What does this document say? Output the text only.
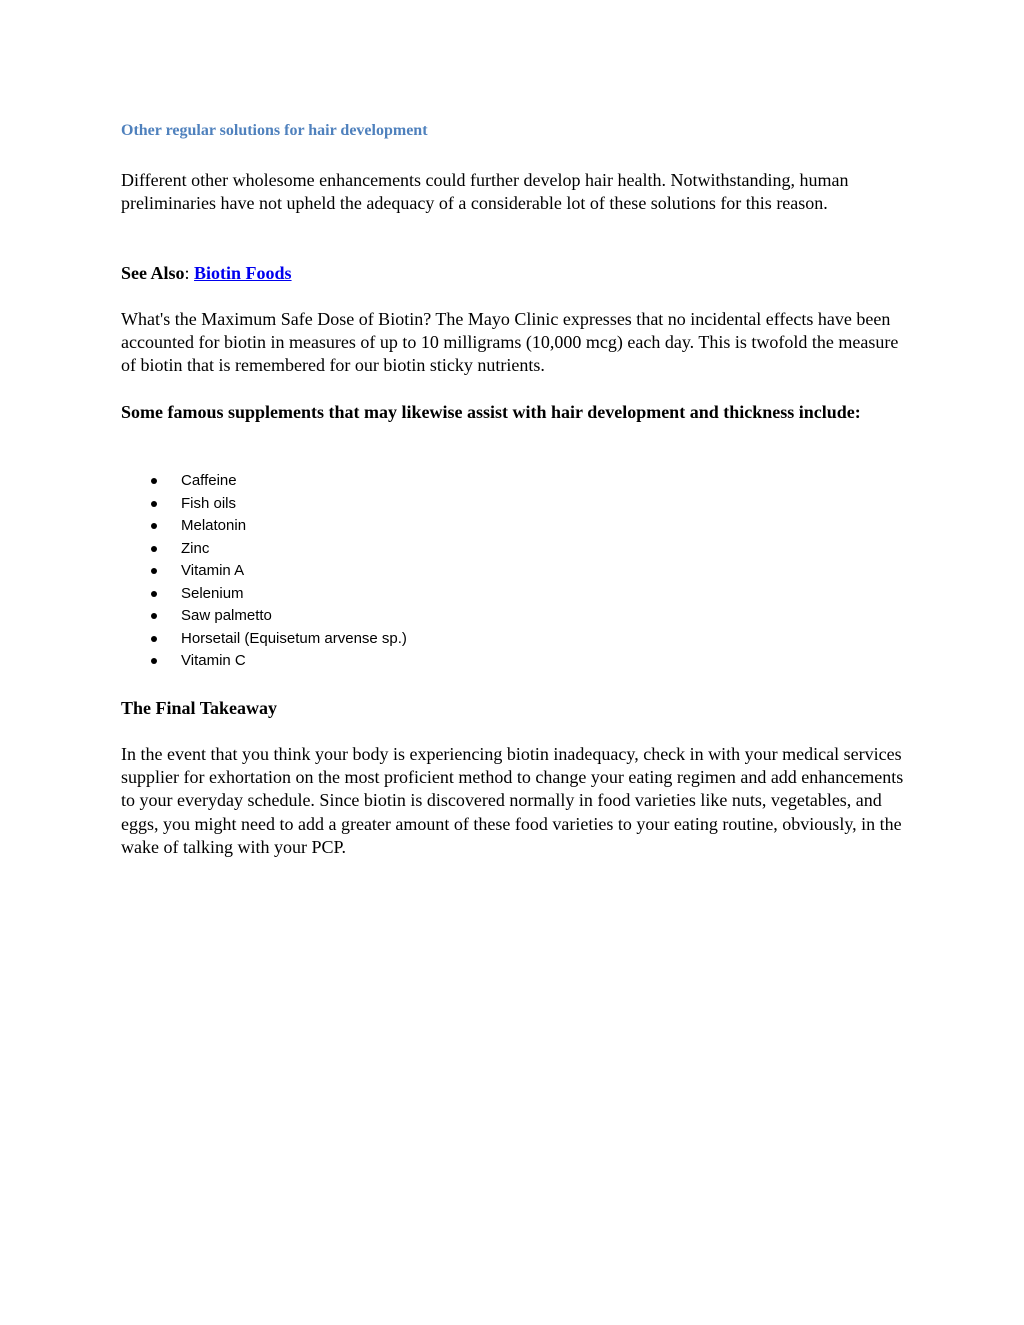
Other regular solutions for hair development

Different other wholesome enhancements could further develop hair health. Notwithstanding, human preliminaries have not upheld the adequacy of a considerable lot of these solutions for this reason.

See Also: Biotin Foods

What's the Maximum Safe Dose of Biotin? The Mayo Clinic expresses that no incidental effects have been accounted for biotin in measures of up to 10 milligrams (10,000 mcg) each day. This is twofold the measure of biotin that is remembered for our biotin sticky nutrients.

Some famous supplements that may likewise assist with hair development and thickness include:

Caffeine
Fish oils
Melatonin
Zinc
Vitamin A
Selenium
Saw palmetto
Horsetail (Equisetum arvense sp.)
Vitamin C

The Final Takeaway

In the event that you think your body is experiencing biotin inadequacy, check in with your medical services supplier for exhortation on the most proficient method to change your eating regimen and add enhancements to your everyday schedule. Since biotin is discovered normally in food varieties like nuts, vegetables, and eggs, you might need to add a greater amount of these food varieties to your eating routine, obviously, in the wake of talking with your PCP.
